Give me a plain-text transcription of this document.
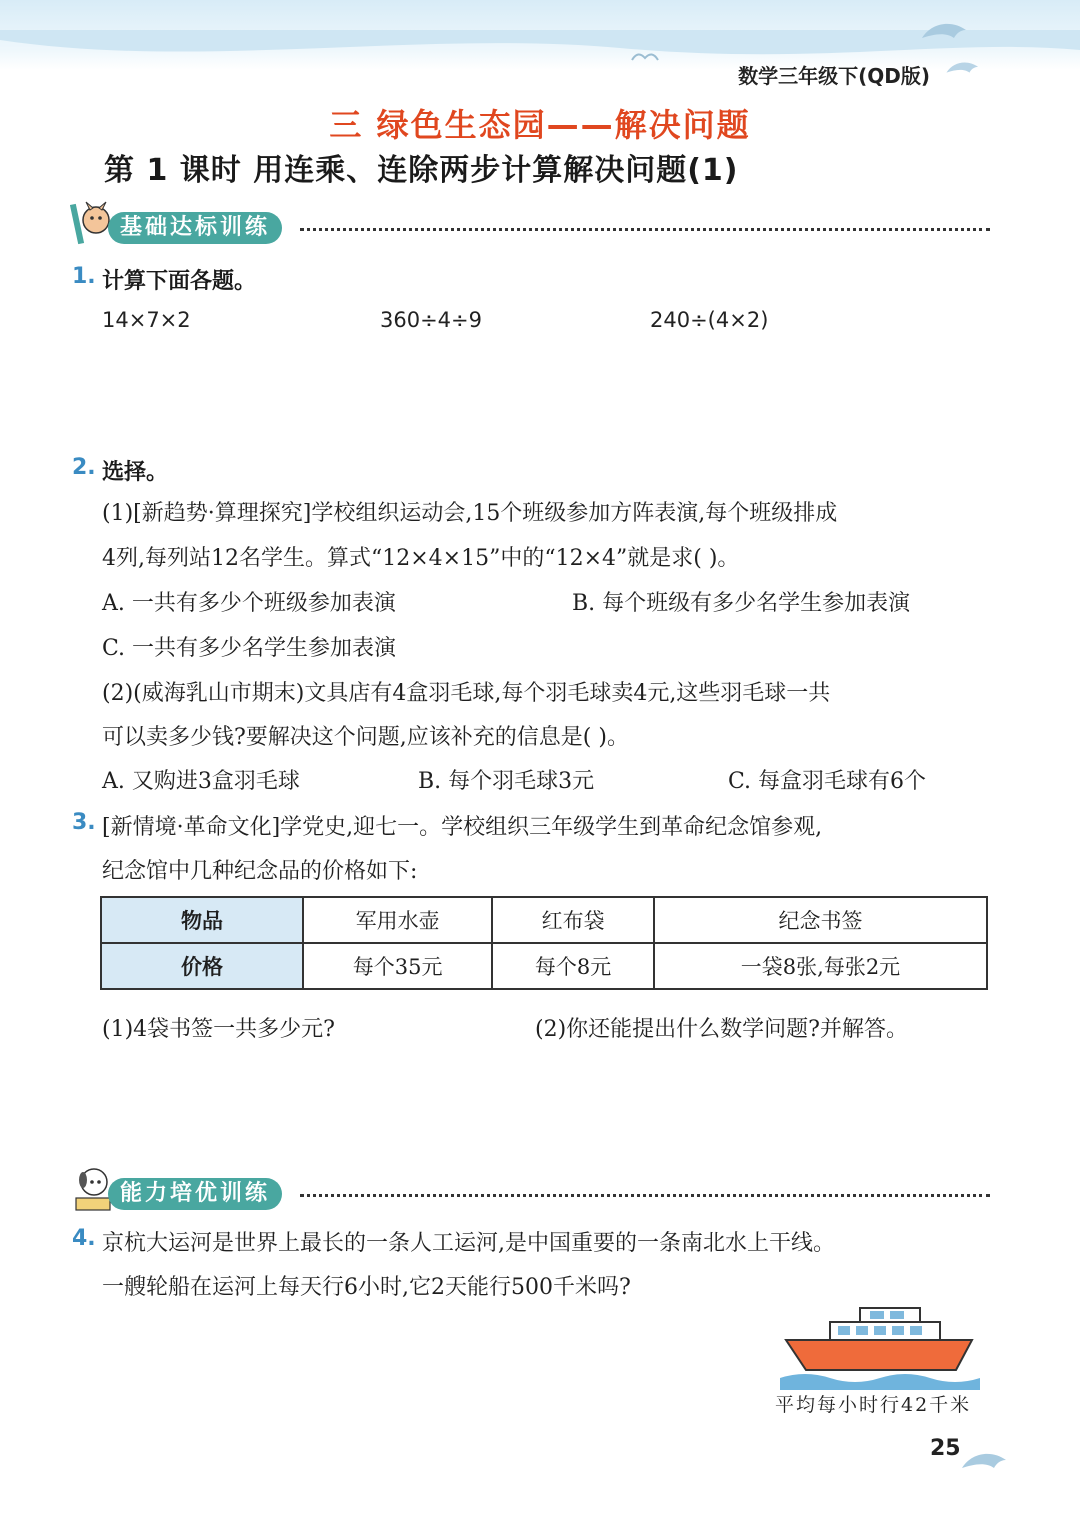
数学三年级下(QD版)
三 绿色生态园——解决问题
第 1 课时 用连乘、连除两步计算解决问题(1)
基础达标训练
1. 计算下面各题。
14×7×2	360÷4÷9	240÷(4×2)
2. 选择。
(1)[新趋势·算理探究]学校组织运动会,15个班级参加方阵表演,每个班级排成
4列,每列站12名学生。算式“12×4×15”中的“12×4”就是求( )。
A. 一共有多少个班级参加表演	B. 每个班级有多少名学生参加表演
C. 一共有多少名学生参加表演
(2)(威海乳山市期末)文具店有4盒羽毛球,每个羽毛球卖4元,这些羽毛球一共
可以卖多少钱?要解决这个问题,应该补充的信息是( )。
A. 又购进3盒羽毛球	B. 每个羽毛球3元	C. 每盒羽毛球有6个
3. [新情境·革命文化]学党史,迎七一。学校组织三年级学生到革命纪念馆参观,
纪念馆中几种纪念品的价格如下:
物品	军用水壶	红布袋	纪念书签
价格	每个35元	每个8元	一袋8张,每张2元
(1)4袋书签一共多少元?	(2)你还能提出什么数学问题?并解答。
能力培优训练
4. 京杭大运河是世界上最长的一条人工运河,是中国重要的一条南北水上干线。
一艘轮船在运河上每天行6小时,它2天能行500千米吗?
平均每小时行42千米
25
